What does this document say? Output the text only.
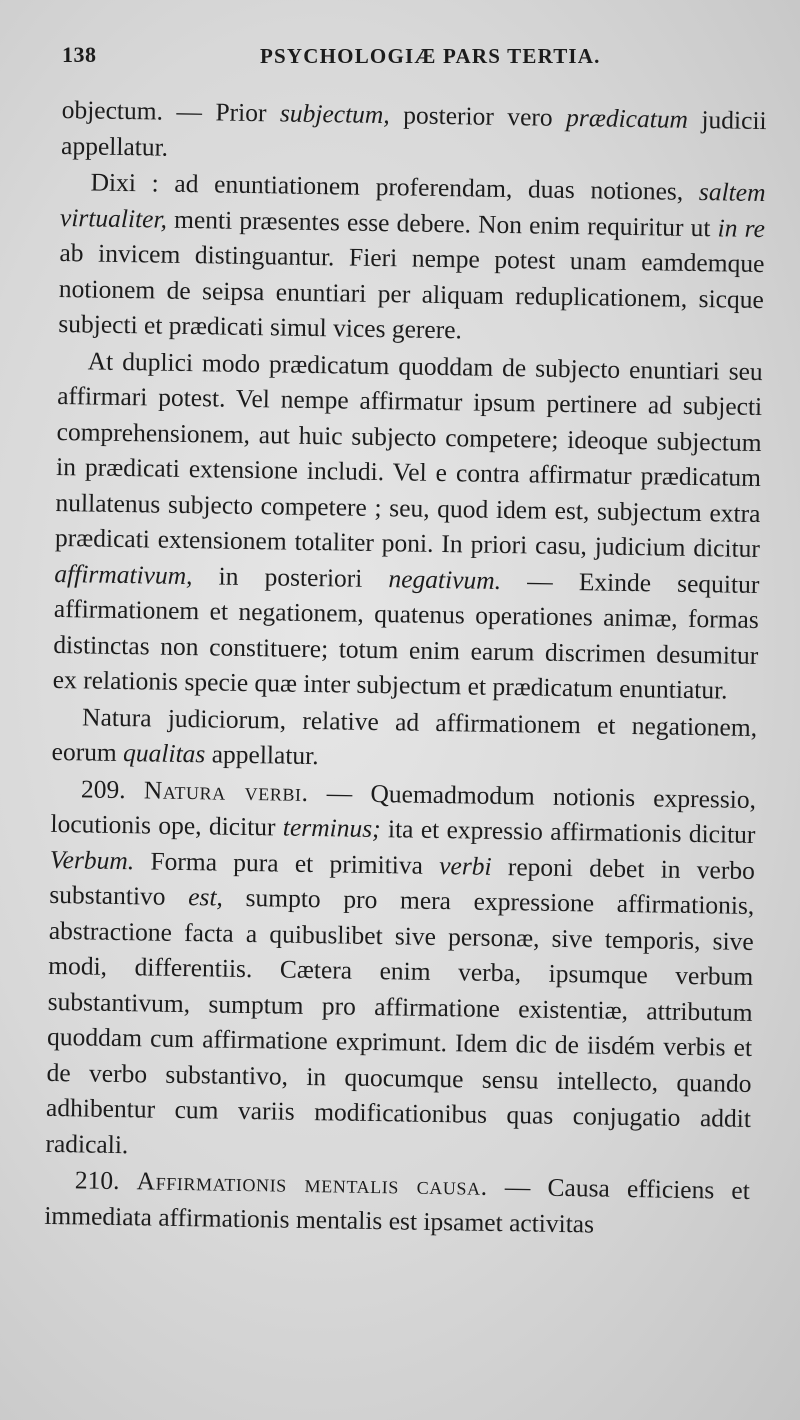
138	PSYCHOLOGIÆ PARS TERTIA.

objectum. — Prior subjectum, posterior vero prædicatum judicii appellatur.

Dixi : ad enuntiationem proferendam, duas notiones, saltem virtualiter, menti præsentes esse debere. Non enim requiritur ut in re ab invicem distinguantur. Fieri nempe potest unam eamdemque notionem de seipsa enuntiari per aliquam reduplicationem, sicque subjecti et prædicati simul vices gerere.

At duplici modo prædicatum quoddam de subjecto enuntiari seu affirmari potest. Vel nempe affirmatur ipsum pertinere ad subjecti comprehensionem, aut huic subjecto competere; ideoque subjectum in prædicati extensione includi. Vel e contra affirmatur prædicatum nullatenus subjecto competere ; seu, quod idem est, subjectum extra prædicati extensionem totaliter poni. In priori casu, judicium dicitur affirmativum, in posteriori negativum. — Exinde sequitur affirmationem et negationem, quatenus operationes animæ, formas distinctas non constituere; totum enim earum discrimen desumitur ex relationis specie quæ inter subjectum et prædicatum enuntiatur.

Natura judiciorum, relative ad affirmationem et negationem, eorum qualitas appellatur.

209. Natura verbi. — Quemadmodum notionis expressio, locutionis ope, dicitur terminus; ita et expressio affirmationis dicitur Verbum. Forma pura et primitiva verbi reponi debet in verbo substantivo est, sumpto pro mera expressione affirmationis, abstractione facta a quibuslibet sive personæ, sive temporis, sive modi, differentiis. Cætera enim verba, ipsumque verbum substantivum, sumptum pro affirmatione existentiæ, attributum quoddam cum affirmatione exprimunt. Idem dic de iisdém verbis et de verbo substantivo, in quocumque sensu intellecto, quando adhibentur cum variis modificationibus quas conjugatio addit radicali.

210. Affirmationis mentalis causa. — Causa efficiens et immediata affirmationis mentalis est ipsamet activitas
